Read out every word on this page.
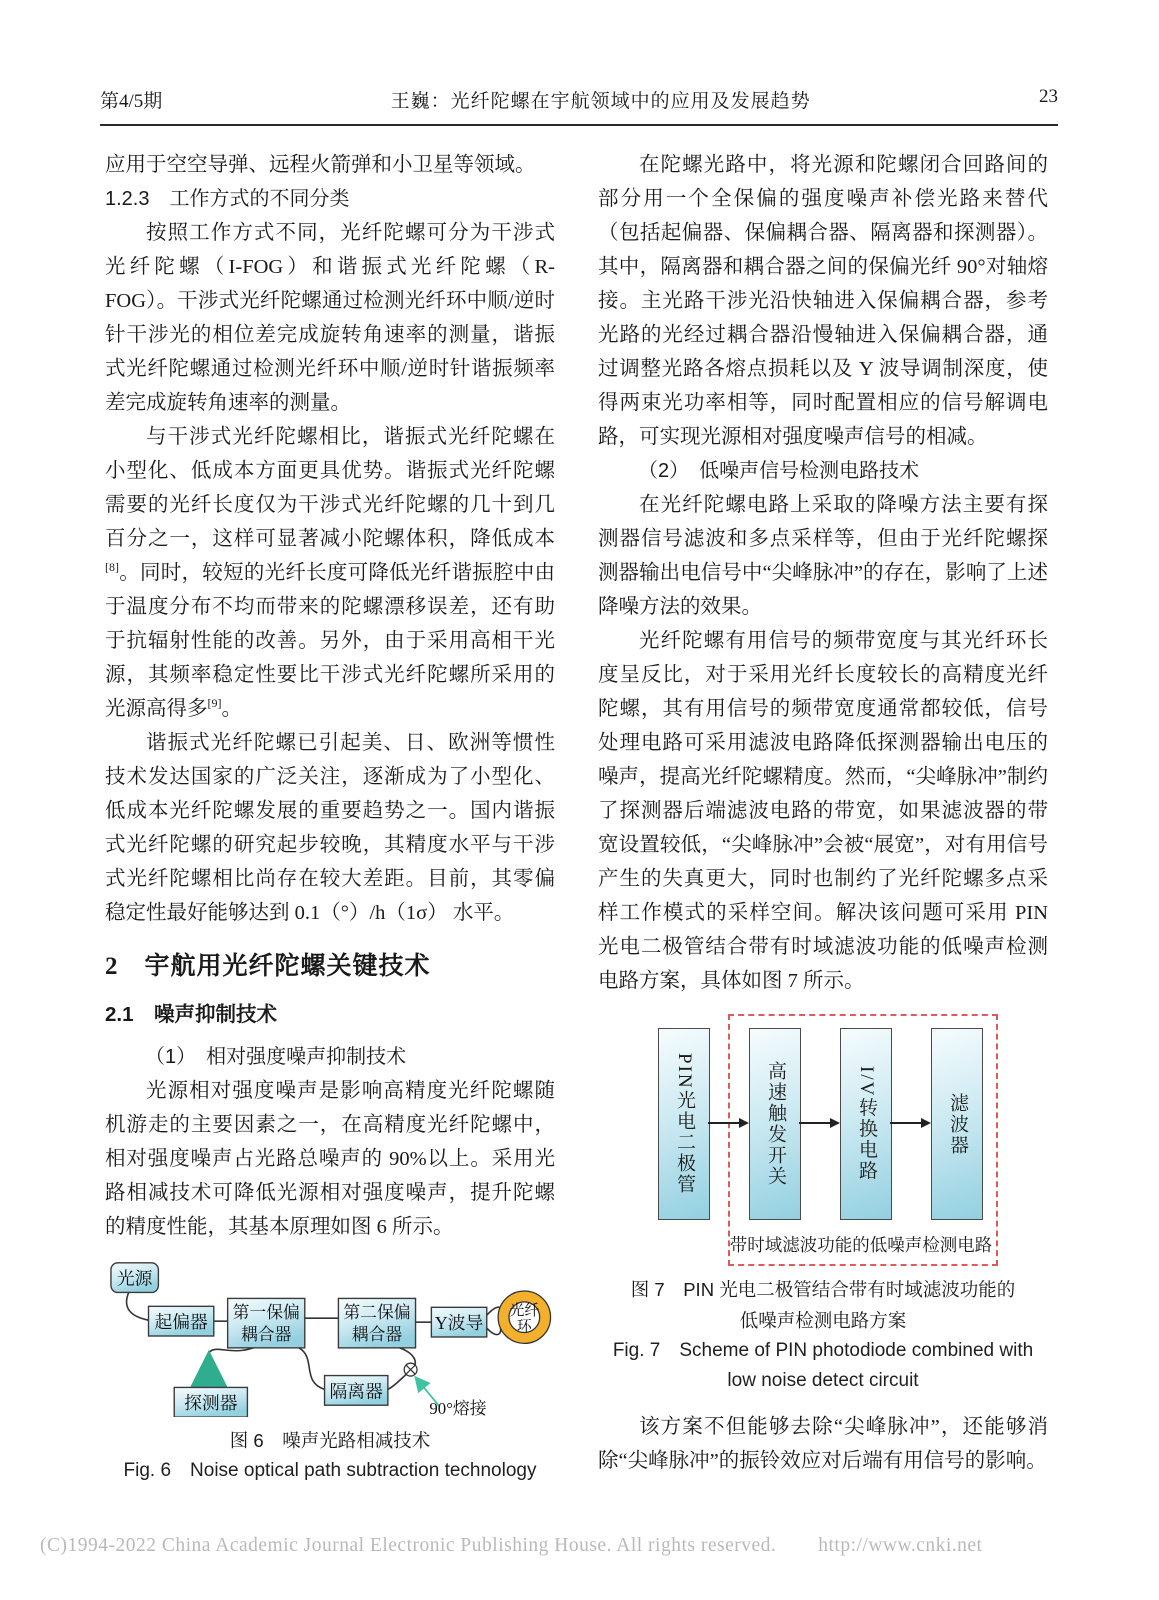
第4/5期	王巍：光纤陀螺在宇航领域中的应用及发展趋势	23

应用于空空导弹、远程火箭弹和小卫星等领域。

1.2.3　工作方式的不同分类

按照工作方式不同，光纤陀螺可分为干涉式光纤陀螺（I-FOG）和谐振式光纤陀螺（R-FOG）。干涉式光纤陀螺通过检测光纤环中顺/逆时针干涉光的相位差完成旋转角速率的测量，谐振式光纤陀螺通过检测光纤环中顺/逆时针谐振频率差完成旋转角速率的测量。

与干涉式光纤陀螺相比，谐振式光纤陀螺在小型化、低成本方面更具优势。谐振式光纤陀螺需要的光纤长度仅为干涉式光纤陀螺的几十到几百分之一，这样可显著减小陀螺体积，降低成本[8]。同时，较短的光纤长度可降低光纤谐振腔中由于温度分布不均而带来的陀螺漂移误差，还有助于抗辐射性能的改善。另外，由于采用高相干光源，其频率稳定性要比干涉式光纤陀螺所采用的光源高得多[9]。

谐振式光纤陀螺已引起美、日、欧洲等惯性技术发达国家的广泛关注，逐渐成为了小型化、低成本光纤陀螺发展的重要趋势之一。国内谐振式光纤陀螺的研究起步较晚，其精度水平与干涉式光纤陀螺相比尚存在较大差距。目前，其零偏稳定性最好能够达到 0.1（°）/h（1σ） 水平。

2　宇航用光纤陀螺关键技术

2.1　噪声抑制技术

（1）　相对强度噪声抑制技术

光源相对强度噪声是影响高精度光纤陀螺随机游走的主要因素之一，在高精度光纤陀螺中，相对强度噪声占光路总噪声的 90%以上。采用光路相减技术可降低光源相对强度噪声，提升陀螺的精度性能，其基本原理如图 6 所示。

光源
起偏器 第一保偏
耦合器
第二保偏
耦合器
Y波导
光纤
环
探测器
隔离器
90°熔接
图 6　噪声光路相减技术
Fig. 6　Noise optical path subtraction technology

在陀螺光路中，将光源和陀螺闭合回路间的部分用一个全保偏的强度噪声补偿光路来替代（包括起偏器、保偏耦合器、隔离器和探测器）。其中，隔离器和耦合器之间的保偏光纤 90°对轴熔接。主光路干涉光沿快轴进入保偏耦合器，参考光路的光经过耦合器沿慢轴进入保偏耦合器，通过调整光路各熔点损耗以及 Y 波导调制深度，使得两束光功率相等，同时配置相应的信号解调电路，可实现光源相对强度噪声信号的相减。

（2）　低噪声信号检测电路技术

在光纤陀螺电路上采取的降噪方法主要有探测器信号滤波和多点采样等，但由于光纤陀螺探测器输出电信号中“尖峰脉冲”的存在，影响了上述降噪方法的效果。

光纤陀螺有用信号的频带宽度与其光纤环长度呈反比，对于采用光纤长度较长的高精度光纤陀螺，其有用信号的频带宽度通常都较低，信号处理电路可采用滤波电路降低探测器输出电压的噪声，提高光纤陀螺精度。然而，“尖峰脉冲”制约了探测器后端滤波电路的带宽，如果滤波器的带宽设置较低，“尖峰脉冲”会被“展宽”，对有用信号产生的失真更大，同时也制约了光纤陀螺多点采样工作模式的采样空间。解决该问题可采用 PIN 光电二极管结合带有时域滤波功能的低噪声检测电路方案，具体如图 7 所示。

PIN光电二极管	高速触发开关	I/V转换电路	滤波器
带时域滤波功能的低噪声检测电路
图 7　PIN 光电二极管结合带有时域滤波功能的
低噪声检测电路方案
Fig. 7　Scheme of PIN photodiode combined with
low noise detect circuit

该方案不但能够去除“尖峰脉冲”，还能够消除“尖峰脉冲”的振铃效应对后端有用信号的影响。

(C)1994-2022 China Academic Journal Electronic Publishing House. All rights reserved. http://www.cnki.net
